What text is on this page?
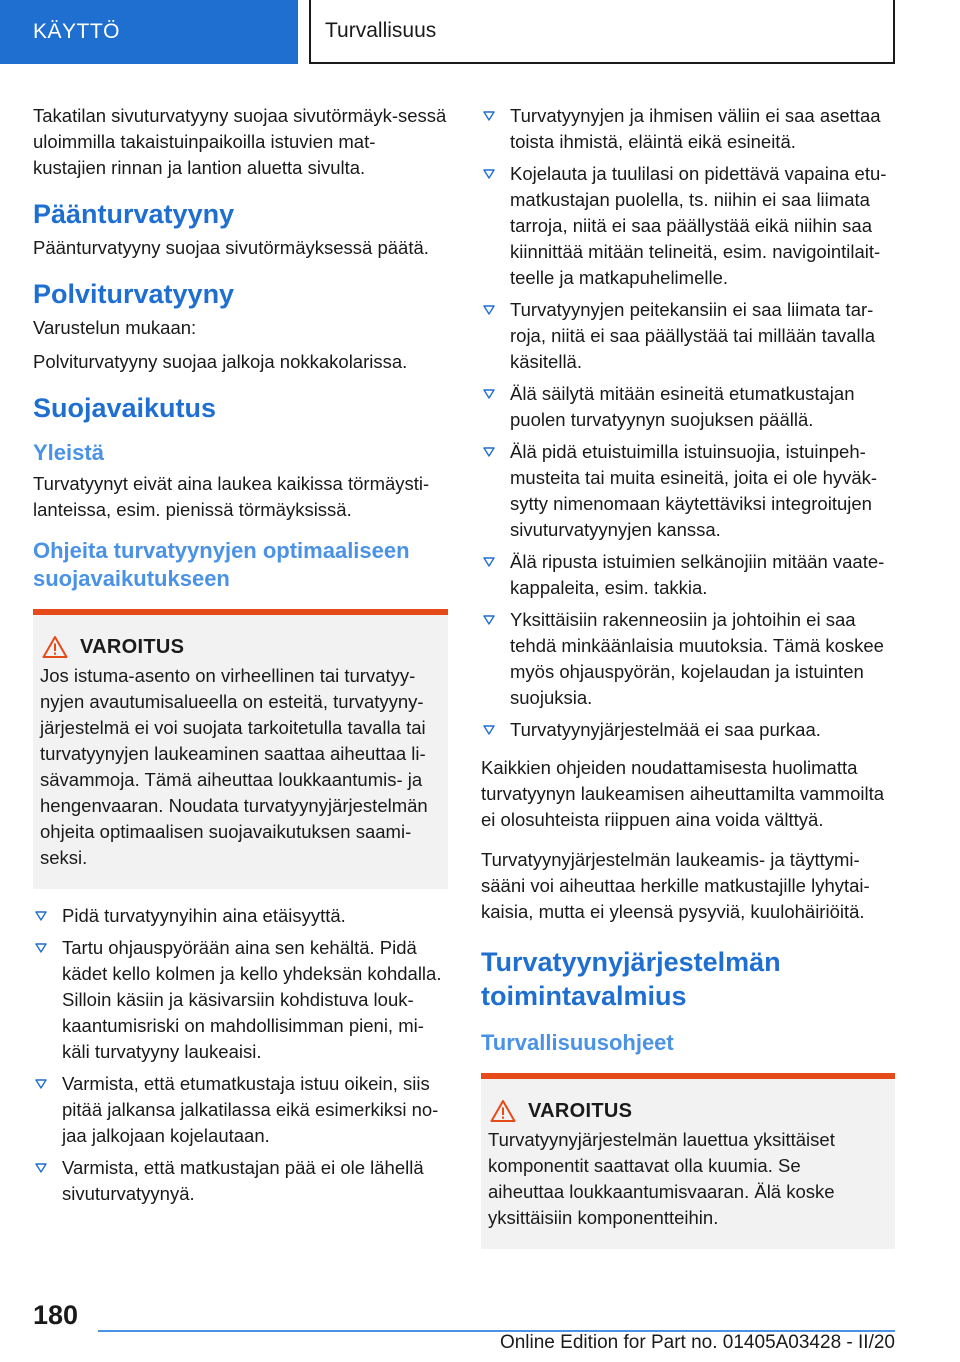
KÄYTTÖ	Turvallisuus

Takatilan sivuturvatyyny suojaa sivutörmäyk-sessä uloimmilla takaistuinpaikoilla istuvien mat-kustajien rinnan ja lantion aluetta sivulta.

Päänturvatyyny

Päänturvatyyny suojaa sivutörmäyksessä päätä.

Polviturvatyyny

Varustelun mukaan:

Polviturvatyyny suojaa jalkoja nokkakolarissa.

Suojavaikutus
Yleistä

Turvatyynyt eivät aina laukea kaikissa törmäysti-lanteissa, esim. pienissä törmäyksissä.

Ohjeita turvatyynyjen optimaaliseen suojavaikutukseen
VAROITUS
Jos istuma-asento on virheellinen tai turvatyy-nyjen avautumisalueella on esteitä, turvatyyny-järjestelmä ei voi suojata tarkoitetulla tavalla tai turvatyynyjen laukeaminen saattaa aiheuttaa li-sävammoja. Tämä aiheuttaa loukkaantumis- ja hengenvaaran. Noudata turvatyynyjärjestelmän ohjeita optimaalisen suojavaikutuksen saami-seksi.
Pidä turvatyynyihin aina etäisyyttä.
Tartu ohjauspyörään aina sen kehältä. Pidä kädet kello kolmen ja kello yhdeksän kohdalla. Silloin käsiin ja käsivarsiin kohdistuva louk-kaantumisriski on mahdollisimman pieni, mi-käli turvatyyny laukeaisi.
Varmista, että etumatkustaja istuu oikein, siis pitää jalkansa jalkatilassa eikä esimerkiksi no-jaa jalkojaan kojelautaan.
Varmista, että matkustajan pää ei ole lähellä sivuturvatyynyä.
Turvatyynyjen ja ihmisen väliin ei saa asettaa toista ihmistä, eläintä eikä esineitä.
Kojelauta ja tuulilasi on pidettävä vapaina etu-matkustajan puolella, ts. niihin ei saa liimata tarroja, niitä ei saa päällystää eikä niihin saa kiinnittää mitään telineitä, esim. navigointilait-teelle ja matkapuhelimelle.
Turvatyynyjen peitekansiin ei saa liimata tar-roja, niitä ei saa päällystää tai millään tavalla käsitellä.
Älä säilytä mitään esineitä etumatkustajan puolen turvatyynyn suojuksen päällä.
Älä pidä etuistuimilla istuinsuojia, istuinpeh-musteita tai muita esineitä, joita ei ole hyväk-sytty nimenomaan käytettäviksi integroitujen sivuturvatyynyjen kanssa.
Älä ripusta istuimien selkänojiin mitään vaate-kappaleita, esim. takkia.
Yksittäisiin rakenneosiin ja johtoihin ei saa tehdä minkäänlaisia muutoksia. Tämä koskee myös ohjauspyörän, kojelaudan ja istuinten suojuksia.
Turvatyynyjärjestelmää ei saa purkaa.

Kaikkien ohjeiden noudattamisesta huolimatta turvatyynyn laukeamisen aiheuttamilta vammoilta ei olosuhteista riippuen aina voida välttyä.

Turvatyynyjärjestelmän laukeamis- ja täyttymi-sääni voi aiheuttaa herkille matkustajille lyhytai-kaisia, mutta ei yleensä pysyviä, kuulohäiriöitä.

Turvatyynyjärjestelmän toimintavalmius
Turvallisuusohjeet
VAROITUS
Turvatyynyjärjestelmän lauettua yksittäiset komponentit saattavat olla kuumia. Se aiheuttaa loukkaantumisvaaran. Älä koske yksittäisiin komponentteihin.
180
Online Edition for Part no. 01405A03428 - II/20
